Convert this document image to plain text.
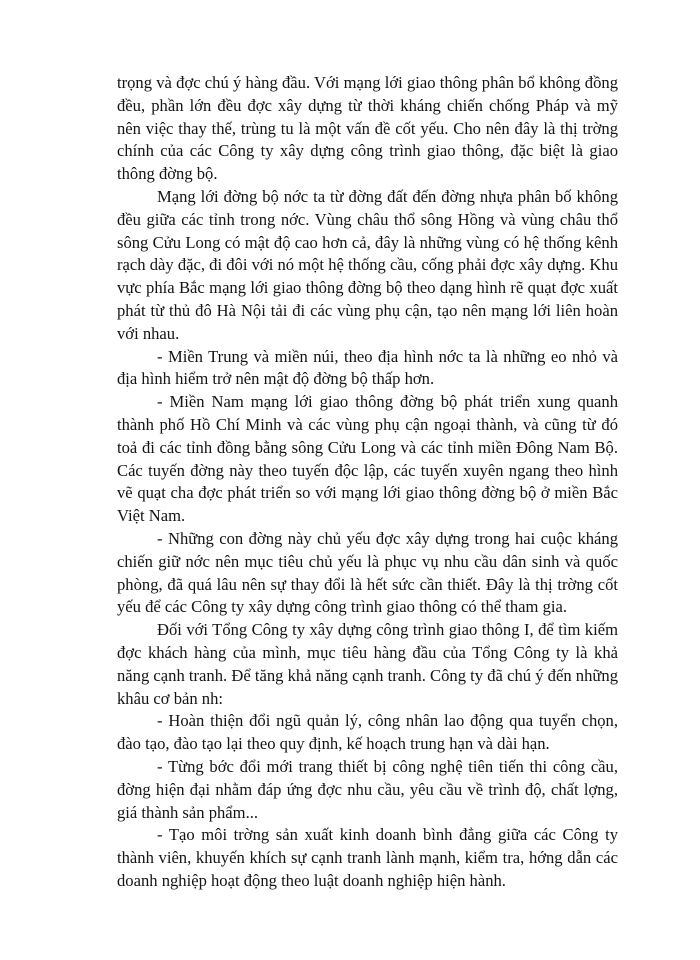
trọng và đợc chú ý hàng đầu. Với mạng lới giao thông phân bổ không đồng đều, phần lớn đều đợc xây dựng từ thời kháng chiến chống Pháp và mỹ nên việc thay thế, trùng tu là một vấn đề cốt yếu. Cho nên đây là thị trờng chính của các Công ty xây dựng công trình giao thông, đặc biệt là giao thông đờng bộ.

Mạng lới đờng bộ nớc ta từ đờng đất đến đờng nhựa phân bố không đều giữa các tỉnh trong nớc. Vùng châu thổ sông Hồng và vùng châu thổ sông Cửu Long có mật độ cao hơn cả, đây là những vùng có hệ thống kênh rạch dày đặc, đi đôi với nó một hệ thống cầu, cống phải đợc xây dựng. Khu vực phía Bắc mạng lới giao thông đờng bộ theo dạng hình rẽ quạt đợc xuất phát từ thủ đô Hà Nội tải đi các vùng phụ cận, tạo nên mạng lới liên hoàn với nhau.

- Miền Trung và miền núi, theo địa hình nớc ta là những eo nhỏ và địa hình hiểm trở nên mật độ đờng bộ thấp hơn.

- Miền Nam mạng lới giao thông đờng bộ phát triển xung quanh thành phố Hồ Chí Minh và các vùng phụ cận ngoại thành, và cũng từ đó toả đi các tỉnh đồng bằng sông Cửu Long và các tỉnh miền Đông Nam Bộ. Các tuyến đờng này theo tuyến độc lập, các tuyến xuyên ngang theo hình vẽ quạt cha đợc phát triển so với mạng lới giao thông đờng bộ ở miền Bắc Việt Nam.

- Những con đờng này chủ yếu đợc xây dựng trong hai cuộc kháng chiến giữ nớc nên mục tiêu chủ yếu là phục vụ nhu cầu dân sinh và quốc phòng, đã quá lâu nên sự thay đổi là hết sức cần thiết. Đây là thị trờng cốt yếu để các Công ty xây dựng công trình giao thông có thể tham gia.

Đối với Tổng Công ty xây dựng công trình giao thông I, để tìm kiếm đợc khách hàng của mình, mục tiêu hàng đầu của Tổng Công ty là khả năng cạnh tranh. Để tăng khả năng cạnh tranh. Công ty đã chú ý đến những khâu cơ bản nh:

- Hoàn thiện đổi ngũ quản lý, công nhân lao động qua tuyển chọn, đào tạo, đào tạo lại theo quy định, kế hoạch trung hạn và dài hạn.

- Từng bớc đổi mới trang thiết bị công nghệ tiên tiến thi công cầu, đờng hiện đại nhằm đáp ứng đợc nhu cầu, yêu cầu về trình độ, chất lợng, giá thành sản phẩm...

- Tạo môi trờng sản xuất kinh doanh bình đẳng giữa các Công ty thành viên, khuyến khích sự cạnh tranh lành mạnh, kiểm tra, hớng dẫn các doanh nghiệp hoạt động theo luật doanh nghiệp hiện hành.
